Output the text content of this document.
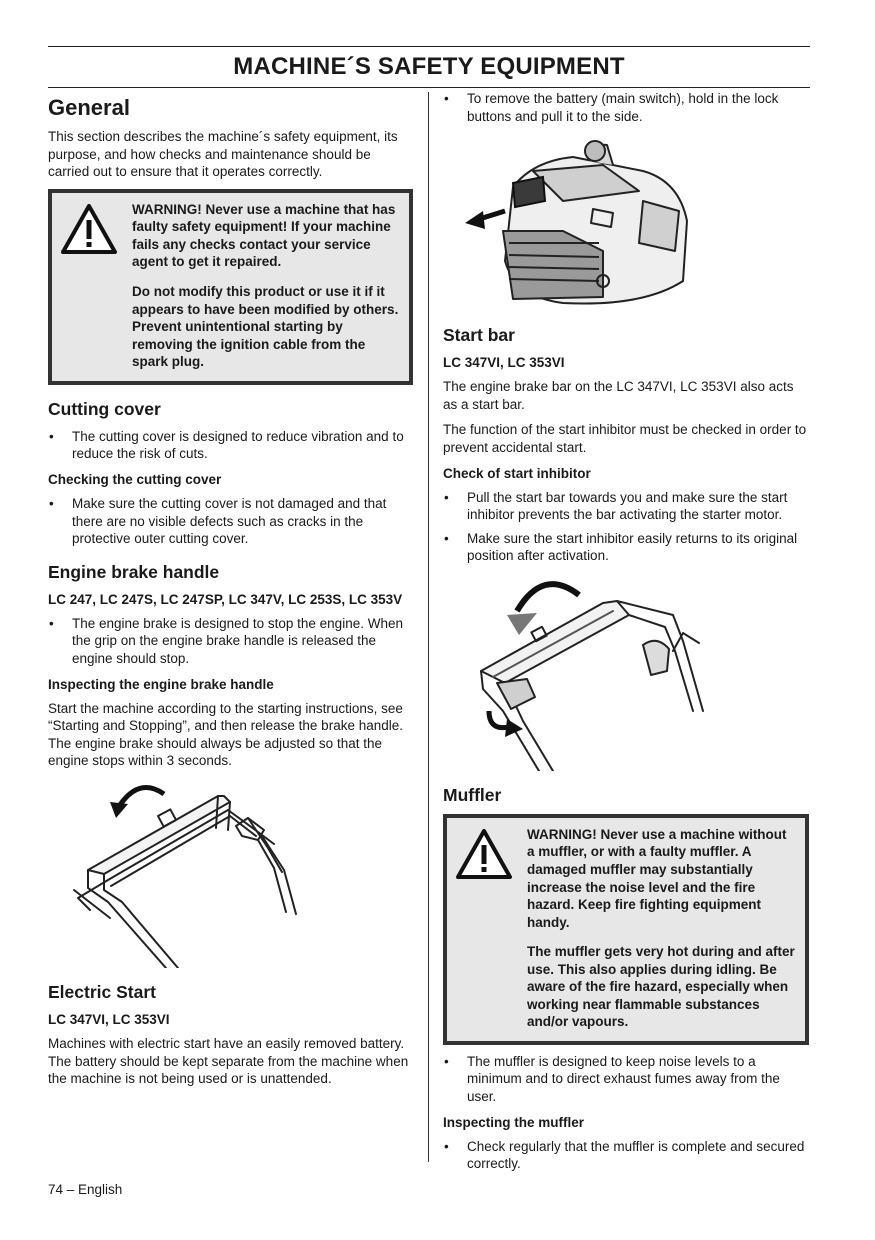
MACHINE´S SAFETY EQUIPMENT
General

This section describes the machine´s safety equipment, its purpose, and how checks and maintenance should be carried out to ensure that it operates correctly.

WARNING! Never use a machine that has faulty safety equipment! If your machine fails any checks contact your service agent to get it repaired.

Do not modify this product or use it if it appears to have been modified by others. Prevent unintentional starting by removing the ignition cable from the spark plug.

Cutting cover
• The cutting cover is designed to reduce vibration and to reduce the risk of cuts.
Checking the cutting cover
• Make sure the cutting cover is not damaged and that there are no visible defects such as cracks in the protective outer cutting cover.
Engine brake handle
LC 247, LC 247S, LC 247SP, LC 347V, LC 253S, LC 353V
• The engine brake is designed to stop the engine. When the grip on the engine brake handle is released the engine should stop.
Inspecting the engine brake handle

Start the machine according to the starting instructions, see “Starting and Stopping”, and then release the brake handle. The engine brake should always be adjusted so that the engine stops within 3 seconds.

Electric Start
LC 347VI, LC 353VI

Machines with electric start have an easily removed battery. The battery should be kept separate from the machine when the machine is not being used or is unattended.

• To remove the battery (main switch), hold in the lock buttons and pull it to the side.
Start bar
LC 347VI, LC 353VI

The engine brake bar on the LC 347VI, LC 353VI also acts as a start bar.

The function of the start inhibitor must be checked in order to prevent accidental start.

Check of start inhibitor
• Pull the start bar towards you and make sure the start inhibitor prevents the bar activating the starter motor.
• Make sure the start inhibitor easily returns to its original position after activation.
Muffler

WARNING! Never use a machine without a muffler, or with a faulty muffler. A damaged muffler may substantially increase the noise level and the fire hazard. Keep fire fighting equipment handy.

The muffler gets very hot during and after use. This also applies during idling. Be aware of the fire hazard, especially when working near flammable substances and/or vapours.

• The muffler is designed to keep noise levels to a minimum and to direct exhaust fumes away from the user.
Inspecting the muffler
• Check regularly that the muffler is complete and secured correctly.
74 – English
